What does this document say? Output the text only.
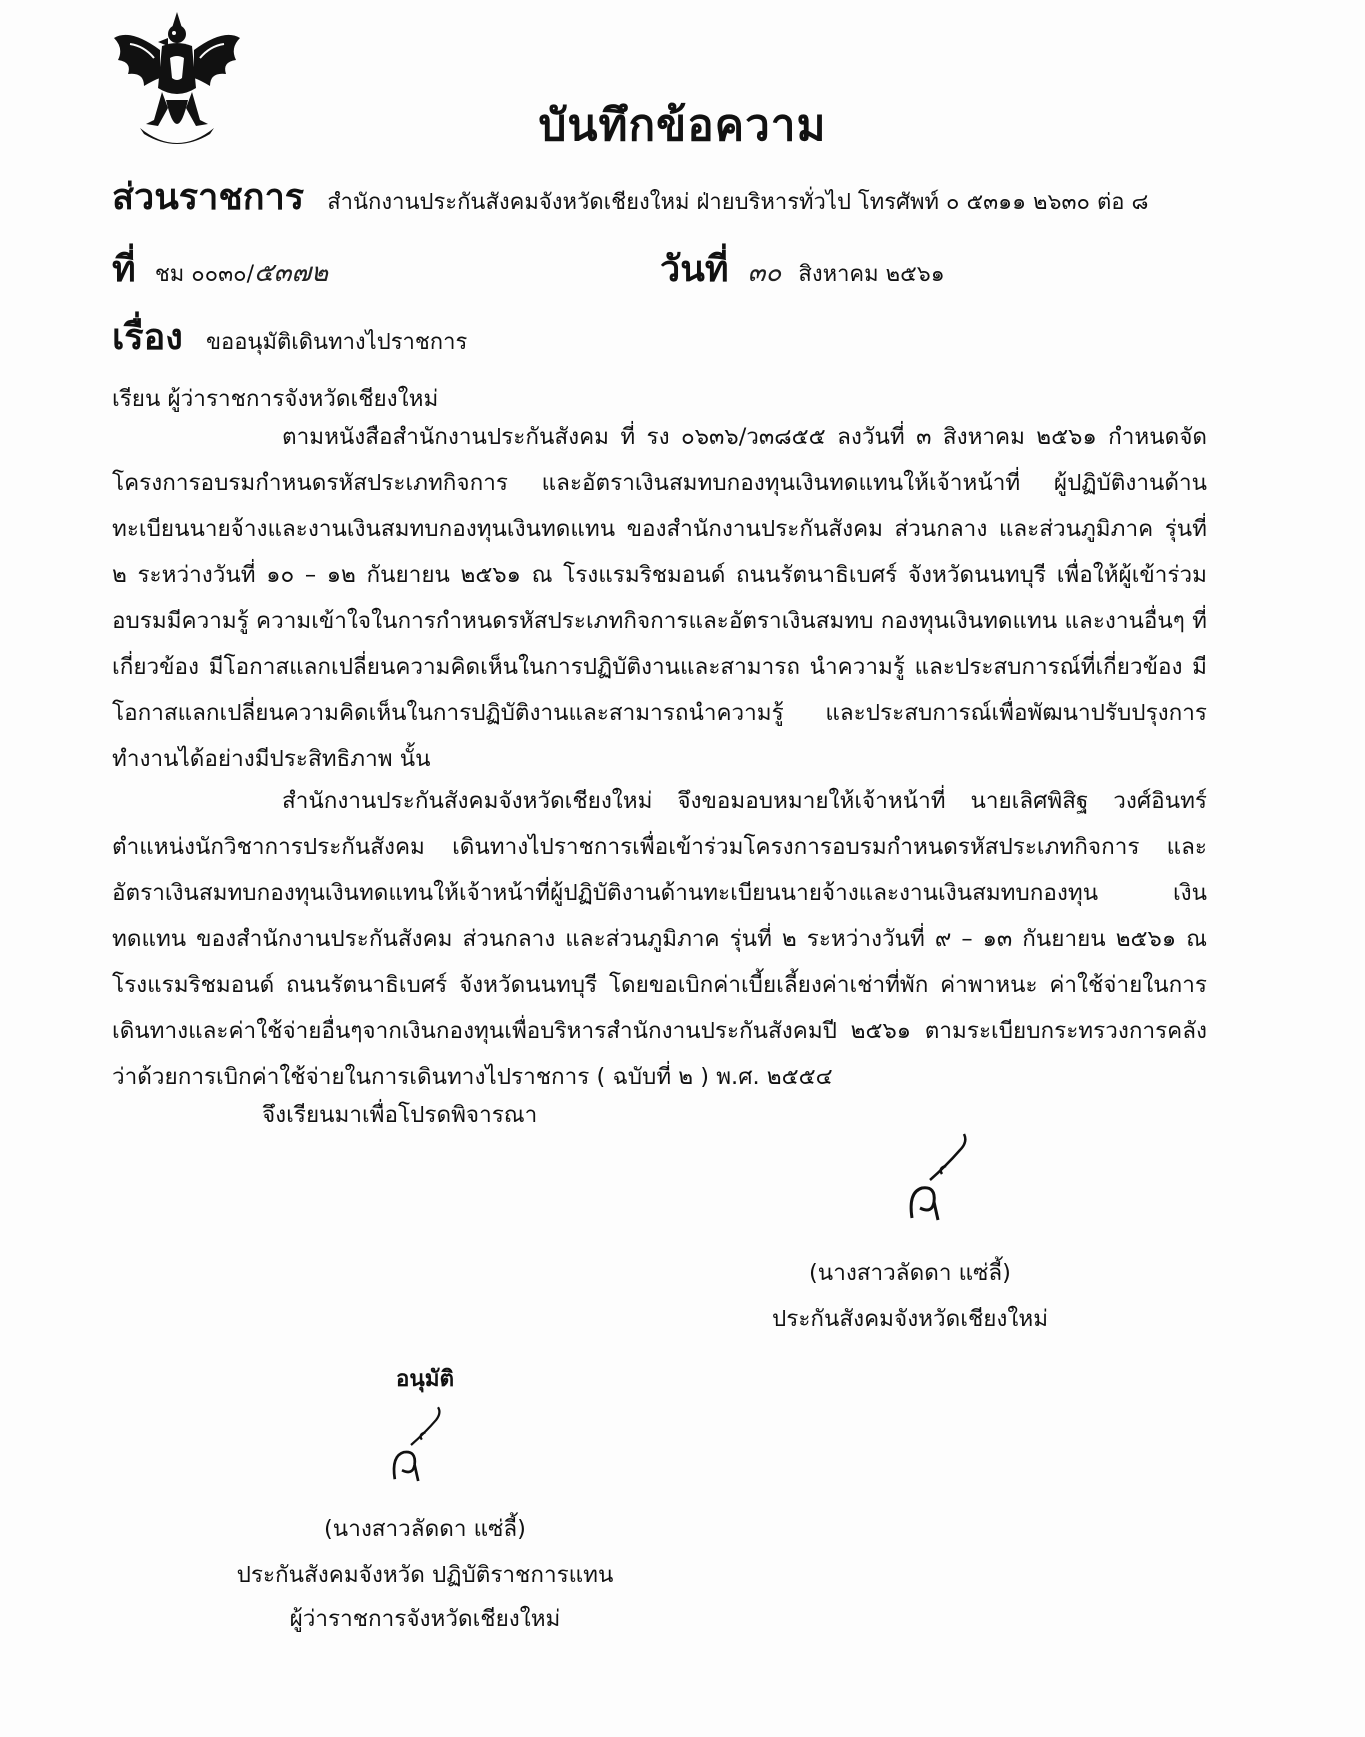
บันทึกข้อความ
ส่วนราชการ สำนักงานประกันสังคมจังหวัดเชียงใหม่ ฝ่ายบริหารทั่วไป โทรศัพท์ ๐ ๕๓๑๑ ๒๖๓๐ ต่อ ๘
ที่ ชม ๐๐๓๐/๕๓๗๒	วันที่ ๓๐ สิงหาคม ๒๕๖๑
เรื่อง ขออนุมัติเดินทางไปราชการ
เรียน ผู้ว่าราชการจังหวัดเชียงใหม่

ตามหนังสือสำนักงานประกันสังคม ที่ รง ๐๖๓๖/ว๓๘๕๕ ลงวันที่ ๓ สิงหาคม ๒๕๖๑ กำหนดจัดโครงการอบรมกำหนดรหัสประเภทกิจการ และอัตราเงินสมทบกองทุนเงินทดแทนให้เจ้าหน้าที่ ผู้ปฏิบัติงานด้านทะเบียนนายจ้างและงานเงินสมทบกองทุนเงินทดแทน ของสำนักงานประกันสังคม ส่วนกลาง และส่วนภูมิภาค รุ่นที่ ๒ ระหว่างวันที่ ๑๐ – ๑๒ กันยายน ๒๕๖๑ ณ โรงแรมริชมอนด์ ถนนรัตนาธิเบศร์ จังหวัดนนทบุรี เพื่อให้ผู้เข้าร่วมอบรมมีความรู้ ความเข้าใจในการกำหนดรหัสประเภทกิจการและอัตราเงินสมทบ กองทุนเงินทดแทน และงานอื่นๆ ที่เกี่ยวข้อง มีโอกาสแลกเปลี่ยนความคิดเห็นในการปฏิบัติงานและสามารถ นำความรู้ และประสบการณ์ที่เกี่ยวข้อง มีโอกาสแลกเปลี่ยนความคิดเห็นในการปฏิบัติงานและสามารถนำความรู้ และประสบการณ์เพื่อพัฒนาปรับปรุงการทำงานได้อย่างมีประสิทธิภาพ นั้น

สำนักงานประกันสังคมจังหวัดเชียงใหม่ จึงขอมอบหมายให้เจ้าหน้าที่ นายเลิศพิสิฐ วงศ์อินทร์ ตำแหน่งนักวิชาการประกันสังคม เดินทางไปราชการเพื่อเข้าร่วมโครงการอบรมกำหนดรหัสประเภทกิจการ และอัตราเงินสมทบกองทุนเงินทดแทนให้เจ้าหน้าที่ผู้ปฏิบัติงานด้านทะเบียนนายจ้างและงานเงินสมทบกองทุน เงินทดแทน ของสำนักงานประกันสังคม ส่วนกลาง และส่วนภูมิภาค รุ่นที่ ๒ ระหว่างวันที่ ๙ – ๑๓ กันยายน ๒๕๖๑ ณ โรงแรมริชมอนด์ ถนนรัตนาธิเบศร์ จังหวัดนนทบุรี โดยขอเบิกค่าเบี้ยเลี้ยงค่าเช่าที่พัก ค่าพาหนะ ค่าใช้จ่ายในการเดินทางและค่าใช้จ่ายอื่นๆจากเงินกองทุนเพื่อบริหารสำนักงานประกันสังคมปี ๒๕๖๑ ตามระเบียบกระทรวงการคลังว่าด้วยการเบิกค่าใช้จ่ายในการเดินทางไปราชการ ( ฉบับที่ ๒ ) พ.ศ. ๒๕๕๔

จึงเรียนมาเพื่อโปรดพิจารณา
(นางสาวลัดดา แซ่ลี้)
ประกันสังคมจังหวัดเชียงใหม่
อนุมัติ
(นางสาวลัดดา แซ่ลี้)
ประกันสังคมจังหวัด ปฏิบัติราชการแทน
ผู้ว่าราชการจังหวัดเชียงใหม่
